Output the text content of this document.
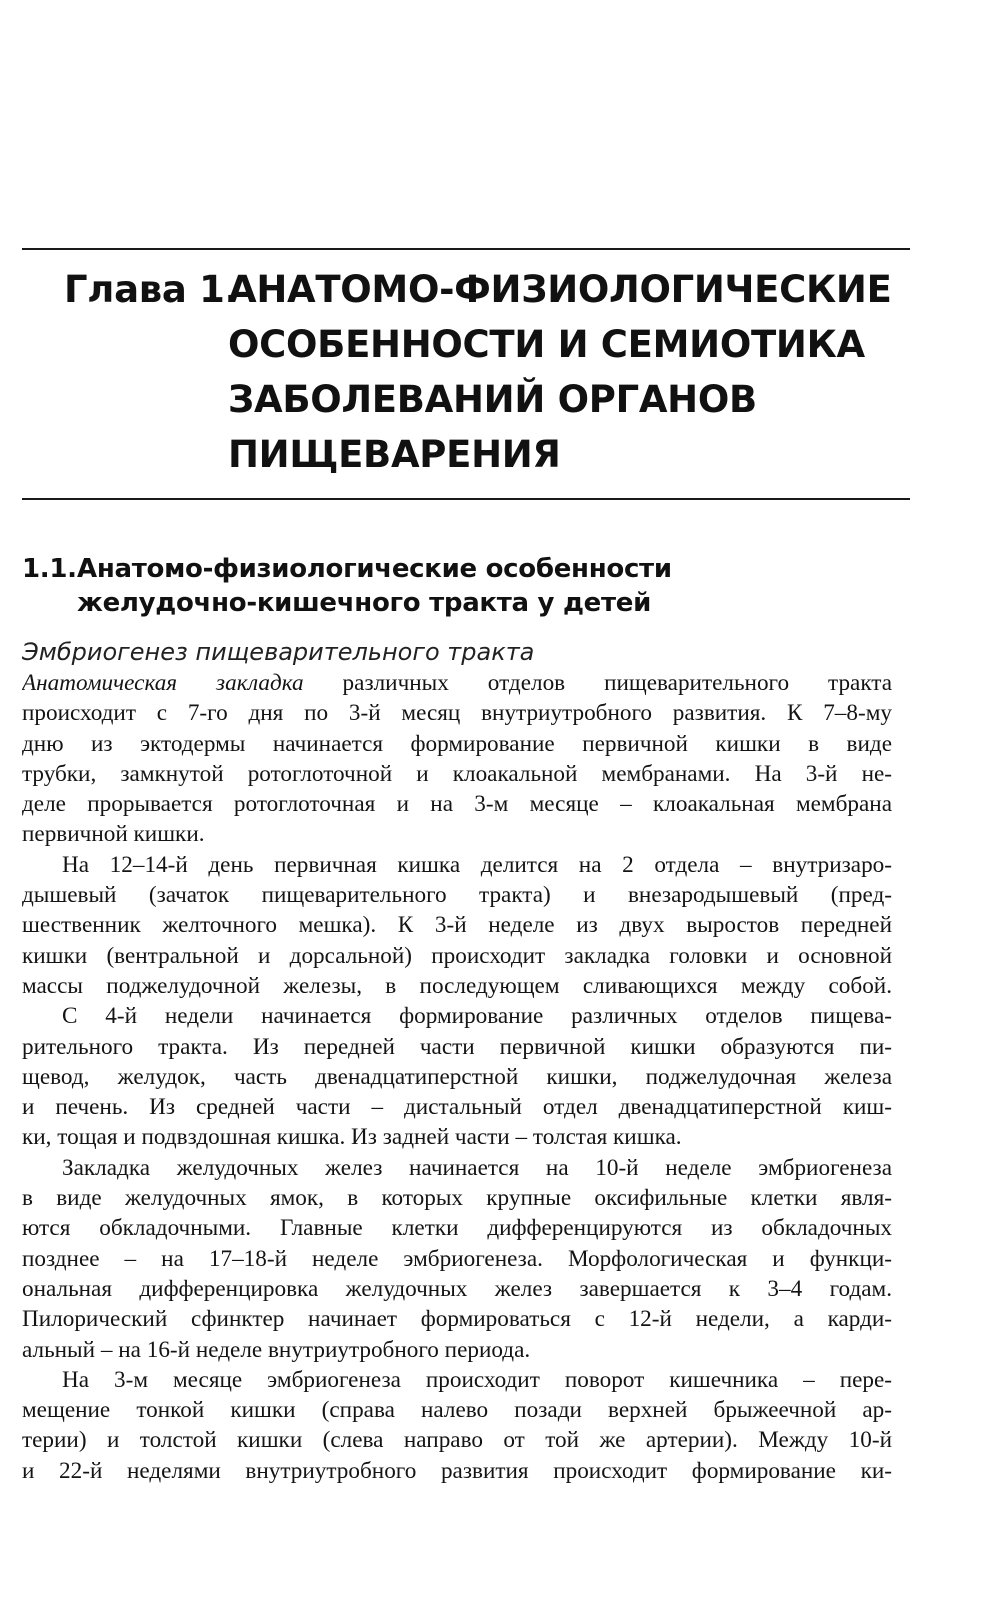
Глава 1.
АНАТОМО-ФИЗИОЛОГИЧЕСКИЕ
ОСОБЕННОСТИ И СЕМИОТИКА
ЗАБОЛЕВАНИЙ ОРГАНОВ
ПИЩЕВАРЕНИЯ
1.1. Анатомо-физиологические особенности
желудочно-кишечного тракта у детей
Эмбриогенез пищеварительного тракта
Анатомическая закладка различных отделов пищеварительного тракта
происходит с 7-го дня по 3-й месяц внутриутробного развития. К 7–8-му
дню из эктодермы начинается формирование первичной кишки в виде
трубки, замкнутой ротоглоточной и клоакальной мембранами. На 3-й не-
деле прорывается ротоглоточная и на 3-м месяце – клоакальная мембрана
первичной кишки.
На 12–14-й день первичная кишка делится на 2 отдела – внутризаро-
дышевый (зачаток пищеварительного тракта) и внезародышевый (пред-
шественник желточного мешка). К 3-й неделе из двух выростов передней
кишки (вентральной и дорсальной) происходит закладка головки и основной
массы поджелудочной железы, в последующем сливающихся между собой.
С 4-й недели начинается формирование различных отделов пищева-
рительного тракта. Из передней части первичной кишки образуются пи-
щевод, желудок, часть двенадцатиперстной кишки, поджелудочная железа
и печень. Из средней части – дистальный отдел двенадцатиперстной киш-
ки, тощая и подвздошная кишка. Из задней части – толстая кишка.
Закладка желудочных желез начинается на 10-й неделе эмбриогенеза
в виде желудочных ямок, в которых крупные оксифильные клетки явля-
ются обкладочными. Главные клетки дифференцируются из обкладочных
позднее – на 17–18-й неделе эмбриогенеза. Морфологическая и функци-
ональная дифференцировка желудочных желез завершается к 3–4 годам.
Пилорический сфинктер начинает формироваться с 12-й недели, а карди-
альный – на 16-й неделе внутриутробного периода.
На 3-м месяце эмбриогенеза происходит поворот кишечника – пере-
мещение тонкой кишки (справа налево позади верхней брыжеечной ар-
терии) и толстой кишки (слева направо от той же артерии). Между 10-й
и 22-й неделями внутриутробного развития происходит формирование ки-
